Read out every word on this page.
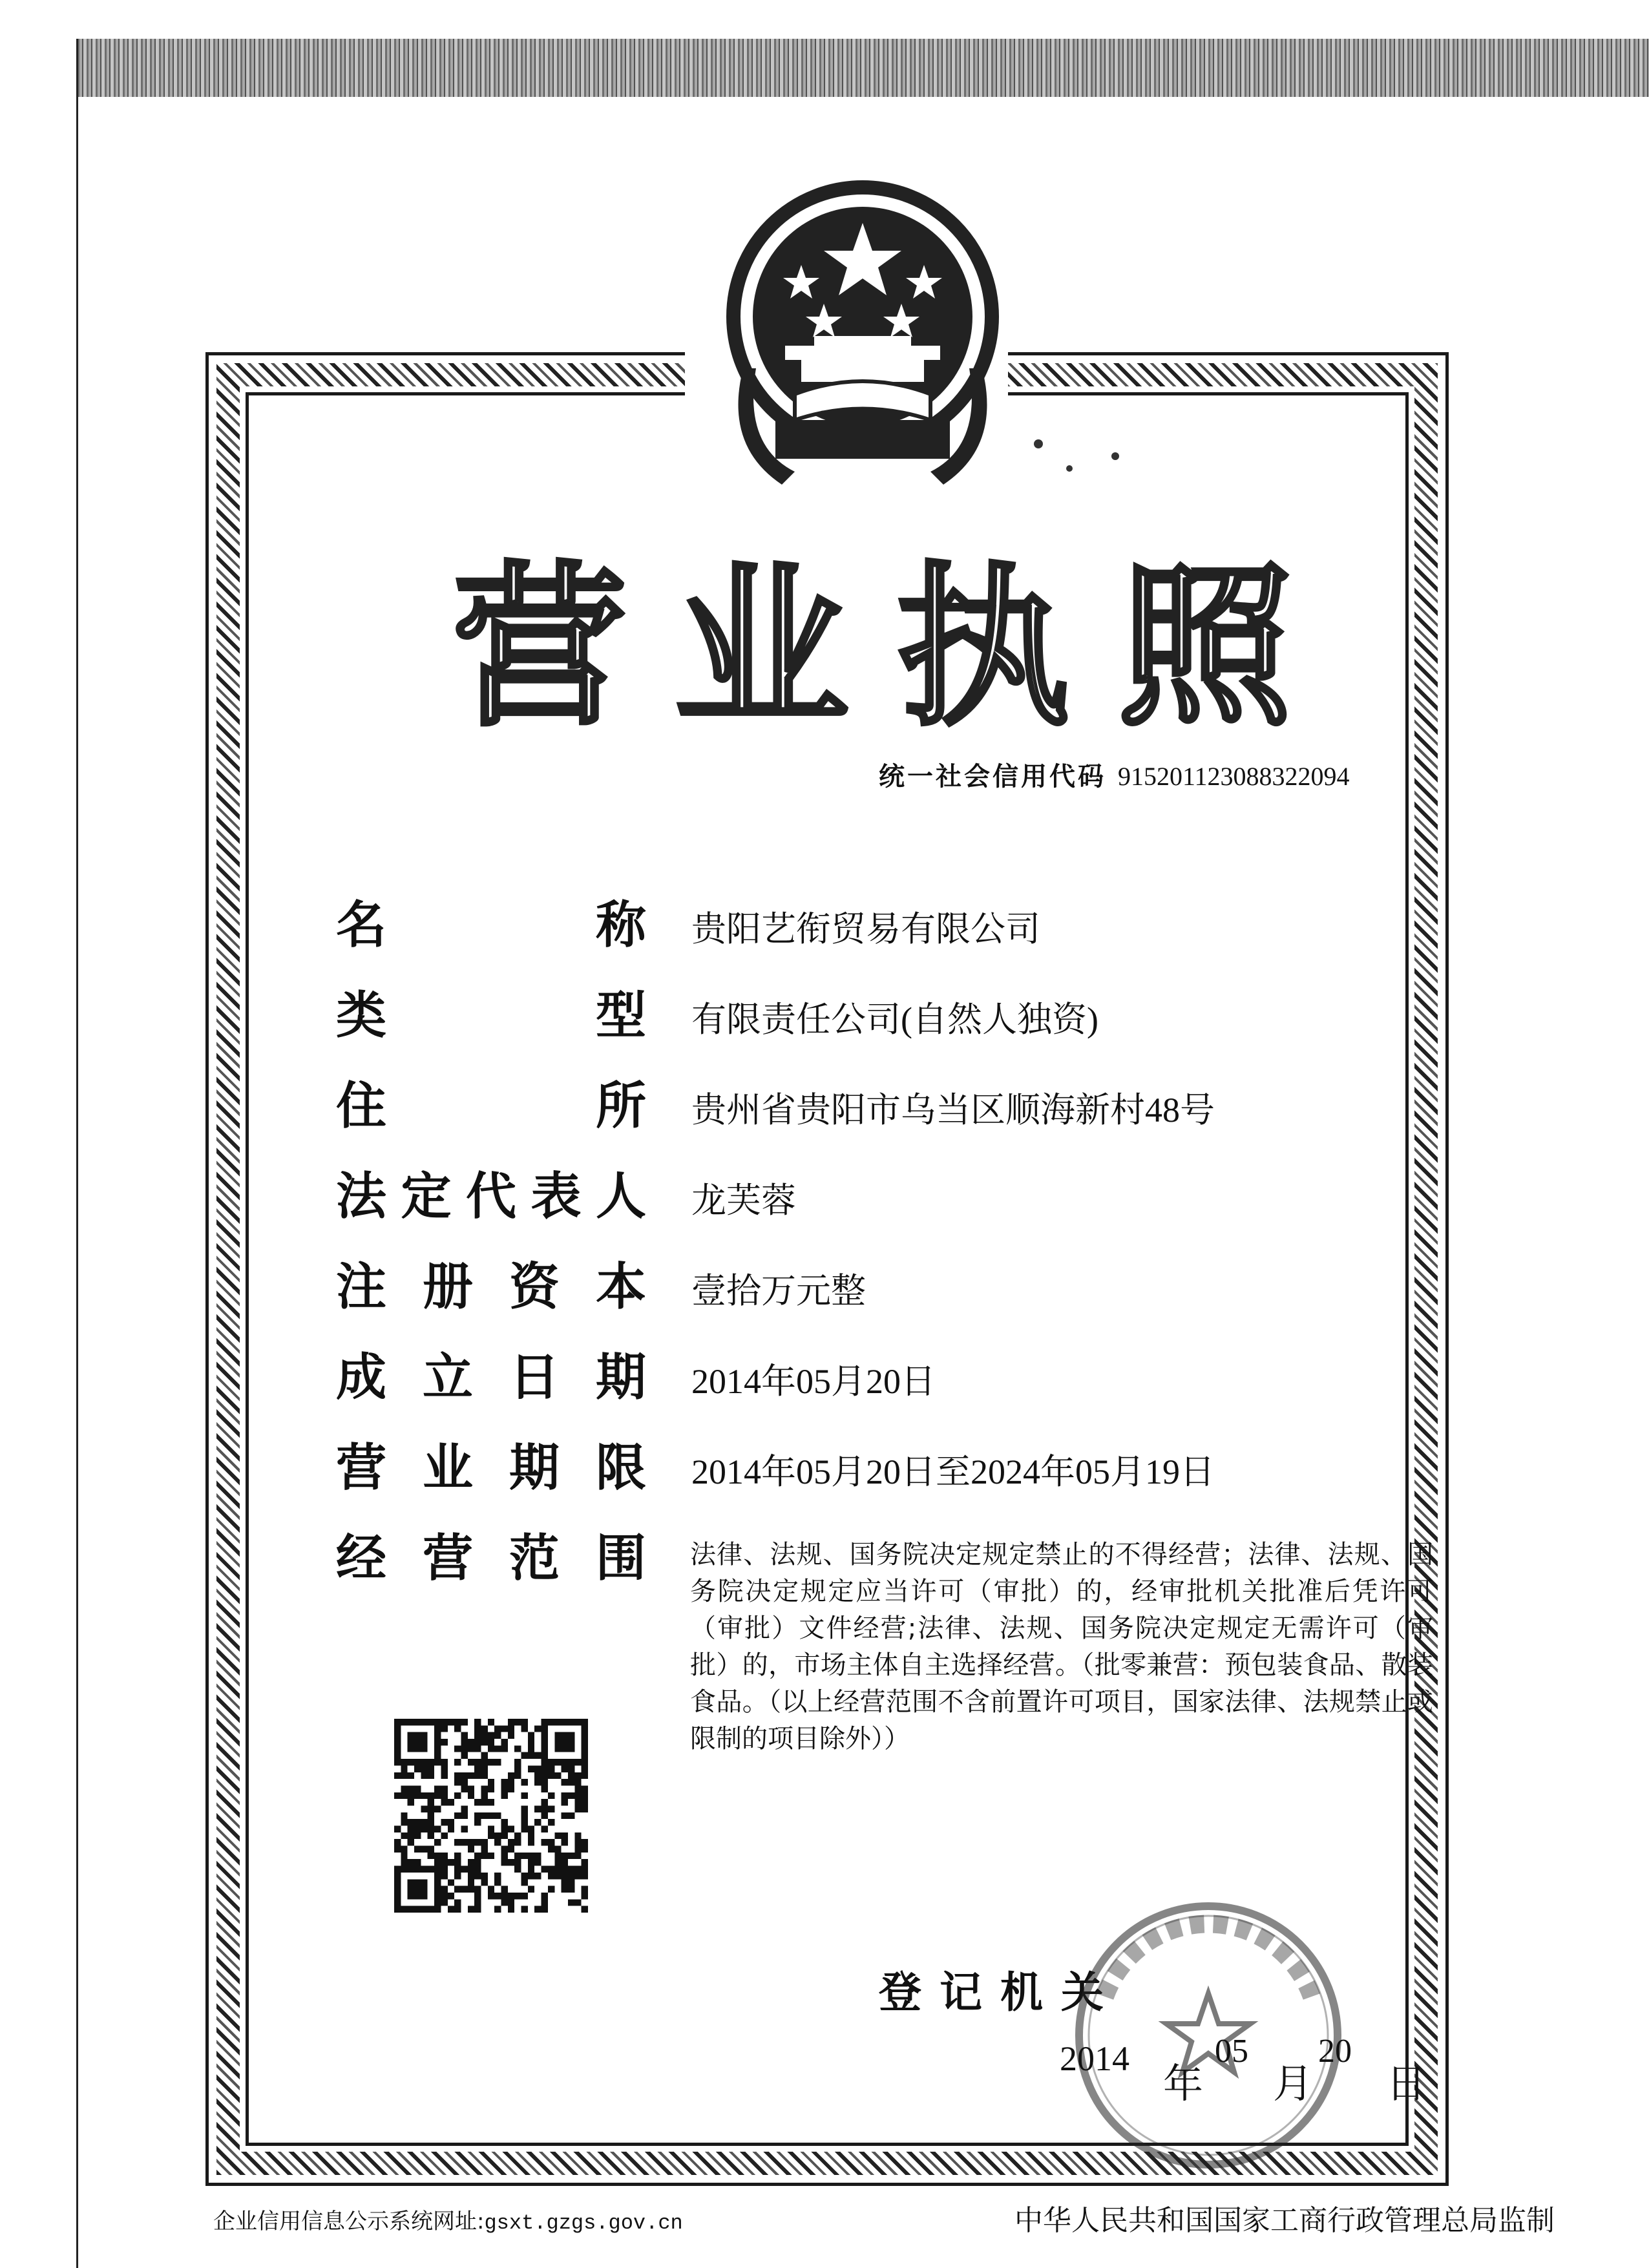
营 业 执 照
统一社会信用代码 915201123088322094
名	称 贵阳艺衔贸易有限公司
类	型 有限责任公司(自然人独资)
住	所 贵州省贵阳市乌当区顺海新村48号
法 定 代 表 人 龙芙蓉
注 册 资 本 壹拾万元整
成 立 日 期 2014年05月20日
营 业 期 限 2014年05月20日至2024年05月19日
经 营 范 围 法律、法规、国务院决定规定禁止的不得经营；法律、法规、国务院决定规定应当许可（审批）的，经审批机关批准后凭许可（审批）文件经营;法律、法规、国务院决定规定无需许可（审批）的，市场主体自主选择经营。（批零兼营：预包装食品、散装食品。（以上经营范围不含前置许可项目，国家法律、法规禁止或限制的项目除外））
登记机关
2014
年
05
月
20
日
企业信用信息公示系统网址:gsxt.gzgs.gov.cn	中华人民共和国国家工商行政管理总局监制
